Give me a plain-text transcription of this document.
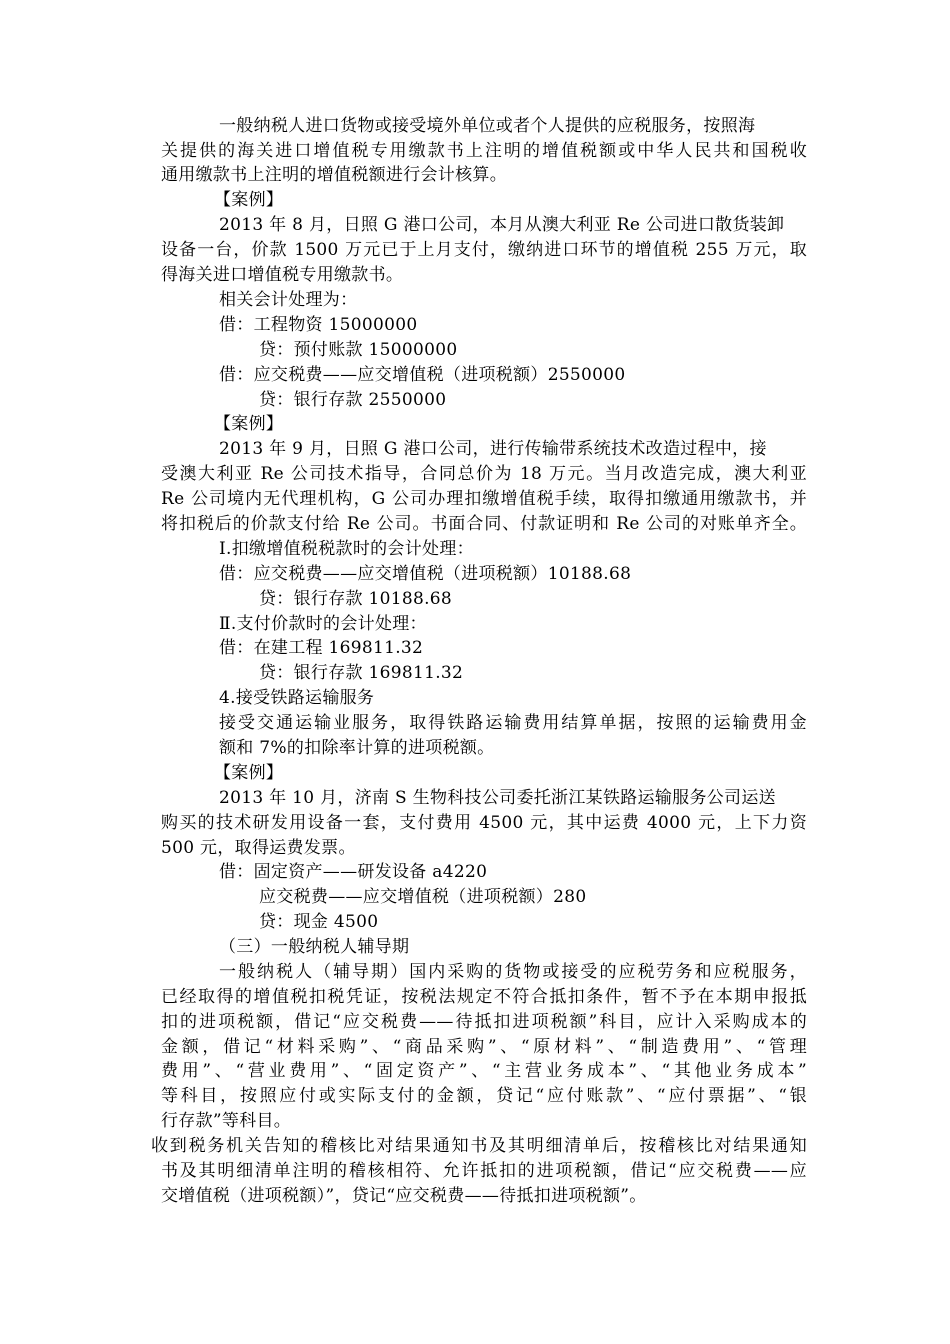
一般纳税人进口货物或接受境外单位或者个人提供的应税服务，按照海
关提供的海关进口增值税专用缴款书上注明的增值税额或中华人民共和国税收
通用缴款书上注明的增值税额进行会计核算。
【案例】
2013 年 8 月，日照 G 港口公司，本月从澳大利亚 Re 公司进口散货装卸
设备一台，价款 1500 万元已于上月支付，缴纳进口环节的增值税 255 万元，取
得海关进口增值税专用缴款书。
相关会计处理为：
借：工程物资 15000000
贷：预付账款 15000000
借：应交税费——应交增值税（进项税额）2550000
贷：银行存款 2550000
【案例】
2013 年 9 月，日照 G 港口公司，进行传输带系统技术改造过程中，接
受澳大利亚 Re 公司技术指导，合同总价为 18 万元。当月改造完成，澳大利亚
Re 公司境内无代理机构，G 公司办理扣缴增值税手续，取得扣缴通用缴款书，并
将扣税后的价款支付给 Re 公司。书面合同、付款证明和 Re 公司的对账单齐全。
Ⅰ.扣缴增值税税款时的会计处理：
借：应交税费——应交增值税（进项税额）10188.68
贷：银行存款 10188.68
Ⅱ.支付价款时的会计处理：
借：在建工程 169811.32
贷：银行存款 169811.32
4.接受铁路运输服务
接受交通运输业服务，取得铁路运输费用结算单据，按照的运输费用金
额和 7%的扣除率计算的进项税额。
【案例】
2013 年 10 月，济南 S 生物科技公司委托浙江某铁路运输服务公司运送
购买的技术研发用设备一套，支付费用 4500 元，其中运费 4000 元，上下力资
500 元，取得运费发票。
借：固定资产——研发设备 a4220
应交税费——应交增值税（进项税额）280
贷：现金 4500
（三）一般纳税人辅导期
一般纳税人（辅导期）国内采购的货物或接受的应税劳务和应税服务，
已经取得的增值税扣税凭证，按税法规定不符合抵扣条件，暂不予在本期申报抵
扣的进项税额，借记“应交税费——待抵扣进项税额”科目，应计入采购成本的
金额，借记“材料采购”、“商品采购”、“原材料”、“制造费用”、“管理
费用”、“营业费用”、“固定资产”、“主营业务成本”、“其他业务成本”
等科目，按照应付或实际支付的金额，贷记“应付账款”、“应付票据”、“银
行存款”等科目。
收到税务机关告知的稽核比对结果通知书及其明细清单后，按稽核比对结果通知
书及其明细清单注明的稽核相符、允许抵扣的进项税额，借记“应交税费——应
交增值税（进项税额）”，贷记“应交税费——待抵扣进项税额”。
